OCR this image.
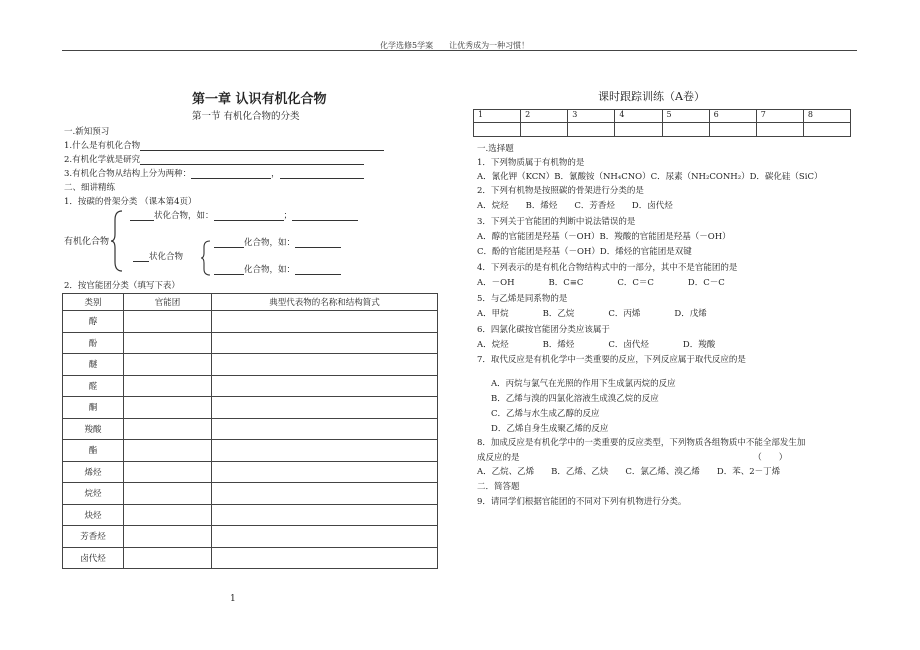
化学选修5学案　　让优秀成为一种习惯！
第一章 认识有机化合物
第一节 有机化合物的分类
一.新知预习
1.什么是有机化合物
2.有机化学就是研究
3.有机化合物从结构上分为两种：	，
二、细讲精练
1．按碳的骨架分类 （课本第4页）
状化合物，如：	；
有机化合物
状化合物
化合物，如：
化合物，如：
2．按官能团分类（填写下表）
类别	官能团	典型代表物的名称和结构简式
醇		
酚		
醚		
醛		
酮		
羧酸		
酯		
烯烃		
烷烃		
炔烃		
芳香烃		
卤代烃		
1
课时跟踪训练（A卷）
1	2	3	4	5	6	7	8

一.选择题
1．下列物质属于有机物的是
A．氰化钾（KCN）B．氰酸铵（NH₄CNO）C．尿素（NH₂CONH₂）D．碳化硅（SiC）
2．下列有机物是按照碳的骨架进行分类的是
A．烷烃　　B．烯烃　　C．芳香烃　　D．卤代烃
3．下列关于官能团的判断中说法错误的是
A．醇的官能团是羟基（－OH）B．羧酸的官能团是羟基（－OH）
C．酚的官能团是羟基（－OH）D．烯烃的官能团是双键
4．下列表示的是有机化合物结构式中的一部分，其中不是官能团的是
A．－OH　　　　B．C≡C　　　　C．C＝C　　　　D．C－C
5．与乙烯是同系物的是
A．甲烷　　　　B．乙烷　　　　C．丙烯　　　　D．戊烯
6．四氯化碳按官能团分类应该属于
A．烷烃　　　　B．烯烃　　　　C．卤代烃　　　　D．羧酸
7．取代反应是有机化学中一类重要的反应，下列反应属于取代反应的是
A．丙烷与氯气在光照的作用下生成氯丙烷的反应
B．乙烯与溴的四氯化溶液生成溴乙烷的反应
C．乙烯与水生成乙醇的反应
D．乙烯自身生成聚乙烯的反应
8．加成反应是有机化学中的一类重要的反应类型，下列物质各组物质中不能全部发生加
成反应的是　　　　　　　　　　　　　　　　　　　　　　　　　　　　（　　）
A．乙烷、乙烯　　B．乙烯、乙炔　　C．氯乙烯、溴乙烯　　D．苯、2－丁烯
二．简答题
9．请同学们根据官能团的不同对下列有机物进行分类。
